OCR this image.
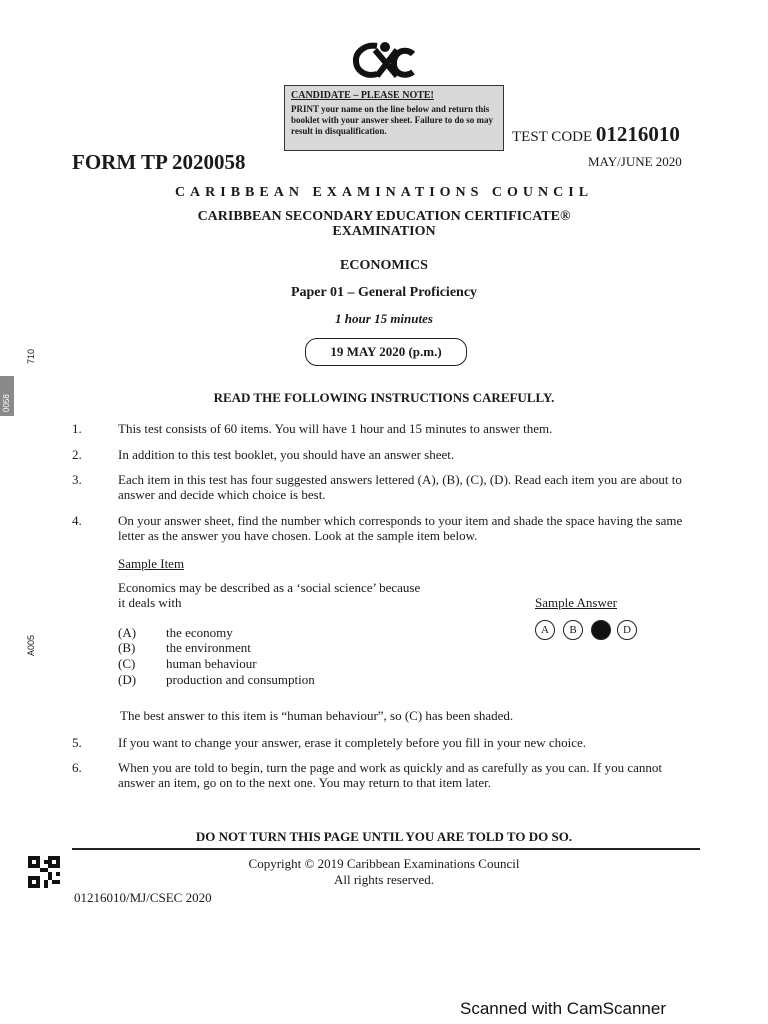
CANDIDATE – PLEASE NOTE!
PRINT your name on the line below and return this booklet with your answer sheet. Failure to do so may result in disqualification.
FORM TP 2020058
TEST CODE 01216010
MAY/JUNE 2020
CARIBBEAN EXAMINATIONS COUNCIL
CARIBBEAN SECONDARY EDUCATION CERTIFICATE®
EXAMINATION
ECONOMICS
Paper 01 – General Proficiency
1 hour 15 minutes
19 MAY 2020 (p.m.)
READ THE FOLLOWING INSTRUCTIONS CAREFULLY.
1.	This test consists of 60 items. You will have 1 hour and 15 minutes to answer them.
2.	In addition to this test booklet, you should have an answer sheet.
3.	Each item in this test has four suggested answers lettered (A), (B), (C), (D). Read each item you are about to answer and decide which choice is best.
4.	On your answer sheet, find the number which corresponds to your item and shade the space having the same letter as the answer you have chosen. Look at the sample item below.
Sample Item
Economics may be described as a ‘social science’ because it deals with
(A)	the economy
(B)	the environment
(C)	human behaviour
(D)	production and consumption
Sample Answer
A	B	D
The best answer to this item is “human behaviour”, so (C) has been shaded.
5.	If you want to change your answer, erase it completely before you fill in your new choice.
6.	When you are told to begin, turn the page and work as quickly and as carefully as you can. If you cannot answer an item, go on to the next one. You may return to that item later.
DO NOT TURN THIS PAGE UNTIL YOU ARE TOLD TO DO SO.
Copyright © 2019 Caribbean Examinations Council
All rights reserved.
01216010/MJ/CSEC 2020
Scanned with CamScanner
710
0058
A005
